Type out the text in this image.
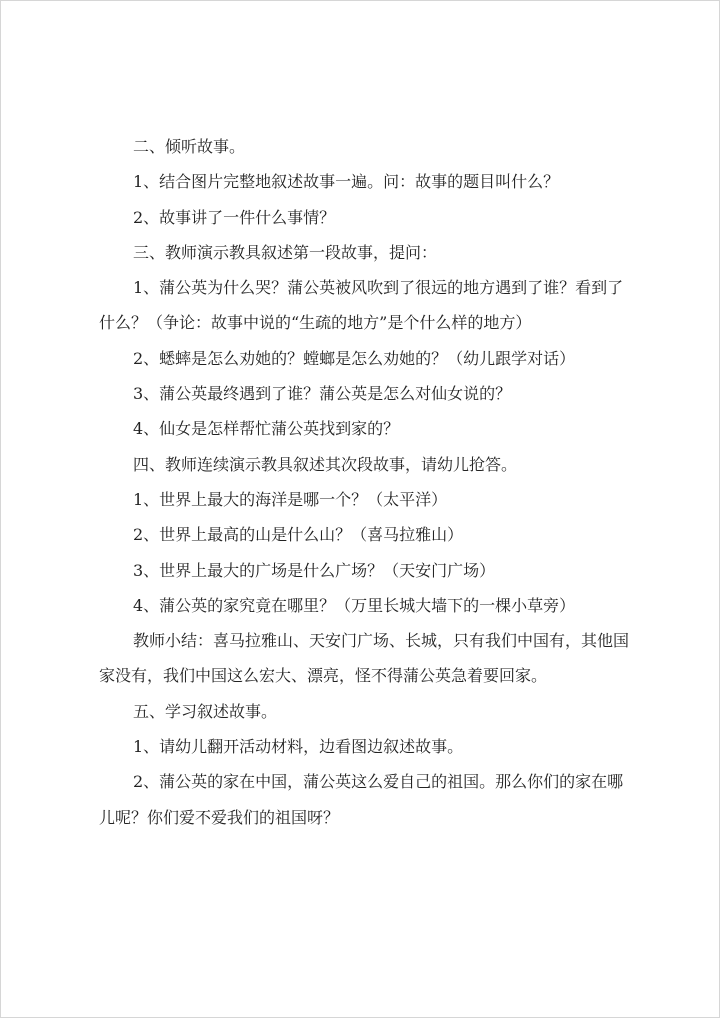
二、倾听故事。

1、结合图片完整地叙述故事一遍。问：故事的题目叫什么？

2、故事讲了一件什么事情？

三、教师演示教具叙述第一段故事，提问：

1、蒲公英为什么哭？蒲公英被风吹到了很远的地方遇到了谁？看到了什么？（争论：故事中说的“生疏的地方”是个什么样的地方）

2、蟋蟀是怎么劝她的？螳螂是怎么劝她的？（幼儿跟学对话）

3、蒲公英最终遇到了谁？蒲公英是怎么对仙女说的？

4、仙女是怎样帮忙蒲公英找到家的？

四、教师连续演示教具叙述其次段故事，请幼儿抢答。

1、世界上最大的海洋是哪一个？（太平洋）

2、世界上最高的山是什么山？（喜马拉雅山）

3、世界上最大的广场是什么广场？（天安门广场）

4、蒲公英的家究竟在哪里？（万里长城大墙下的一棵小草旁）

教师小结：喜马拉雅山、天安门广场、长城，只有我们中国有，其他国家没有，我们中国这么宏大、漂亮，怪不得蒲公英急着要回家。

五、学习叙述故事。

1、请幼儿翻开活动材料，边看图边叙述故事。

2、蒲公英的家在中国，蒲公英这么爱自己的祖国。那么你们的家在哪儿呢？你们爱不爱我们的祖国呀？
